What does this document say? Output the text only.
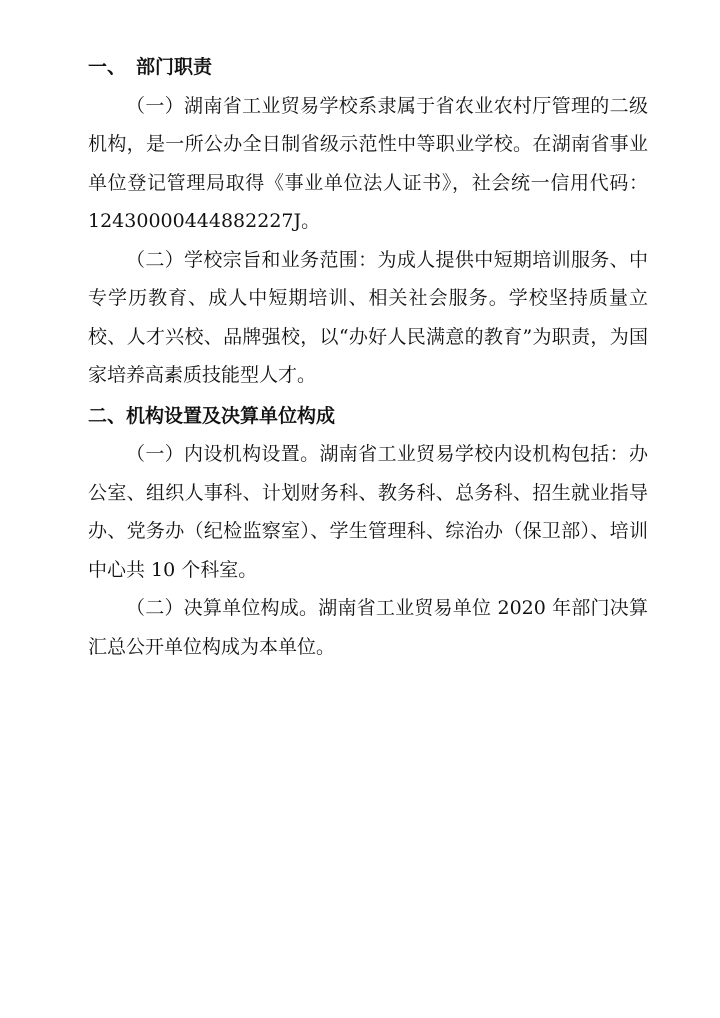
一、 部门职责

（一）湖南省工业贸易学校系隶属于省农业农村厅管理的二级机构，是一所公办全日制省级示范性中等职业学校。在湖南省事业单位登记管理局取得《事业单位法人证书》，社会统一信用代码：12430000444882227J。

（二）学校宗旨和业务范围：为成人提供中短期培训服务、中专学历教育、成人中短期培训、相关社会服务。学校坚持质量立校、人才兴校、品牌强校，以“办好人民满意的教育”为职责，为国家培养高素质技能型人才。

二、机构设置及决算单位构成

（一）内设机构设置。湖南省工业贸易学校内设机构包括：办公室、组织人事科、计划财务科、教务科、总务科、招生就业指导办、党务办（纪检监察室）、学生管理科、综治办（保卫部）、培训中心共 10 个科室。

（二）决算单位构成。湖南省工业贸易单位 2020 年部门决算汇总公开单位构成为本单位。
